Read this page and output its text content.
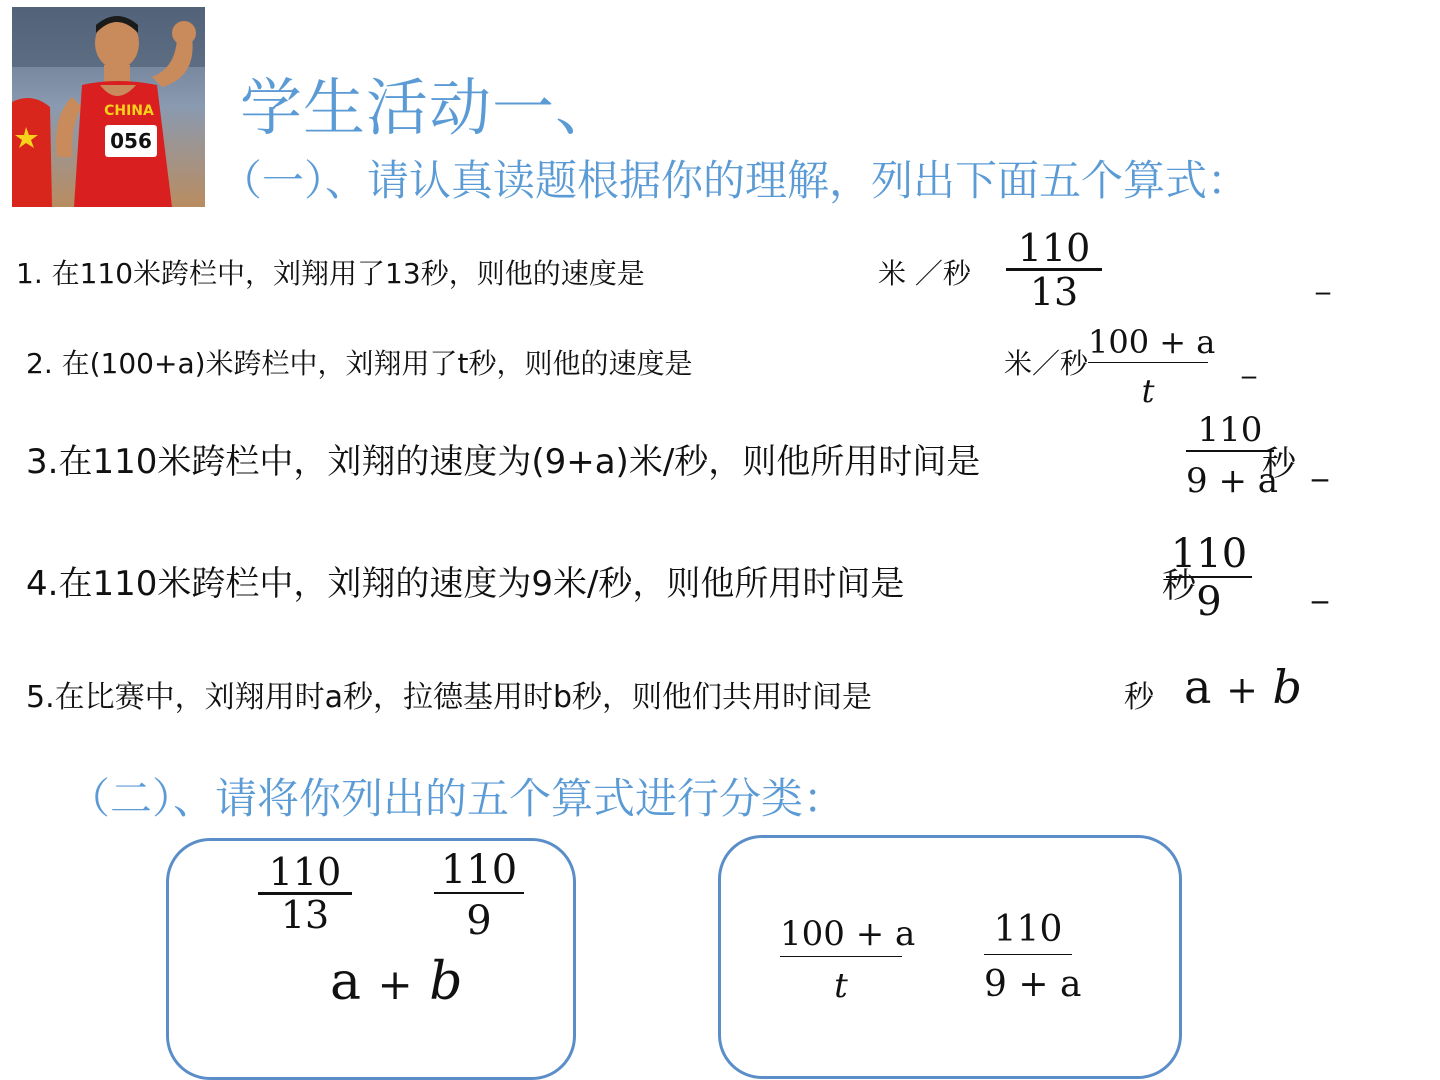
056
CHINA 学生活动一、
（一）、请认真读题根据你的理解，列出下面五个算式：
1. 在110米跨栏中，刘翔用了13秒，则他的速度是	米 ／秒
110
13	_
2. 在(100+a)米跨栏中，刘翔用了t秒，则他的速度是	米／秒
100 + a
t
_
3.在110米跨栏中，刘翔的速度为(9+a)米/秒，则他所用时间是
110
9 + a
秒 _
4.在110米跨栏中，刘翔的速度为9米/秒，则他所用时间是	秒
110
9	_
5.在比赛中，刘翔用时a秒，拉德基用时b秒，则他们共用时间是	秒 a + b
（二）、请将你列出的五个算式进行分类：
110
13
110
9
a + b
100 + a
t
110
9 + a
